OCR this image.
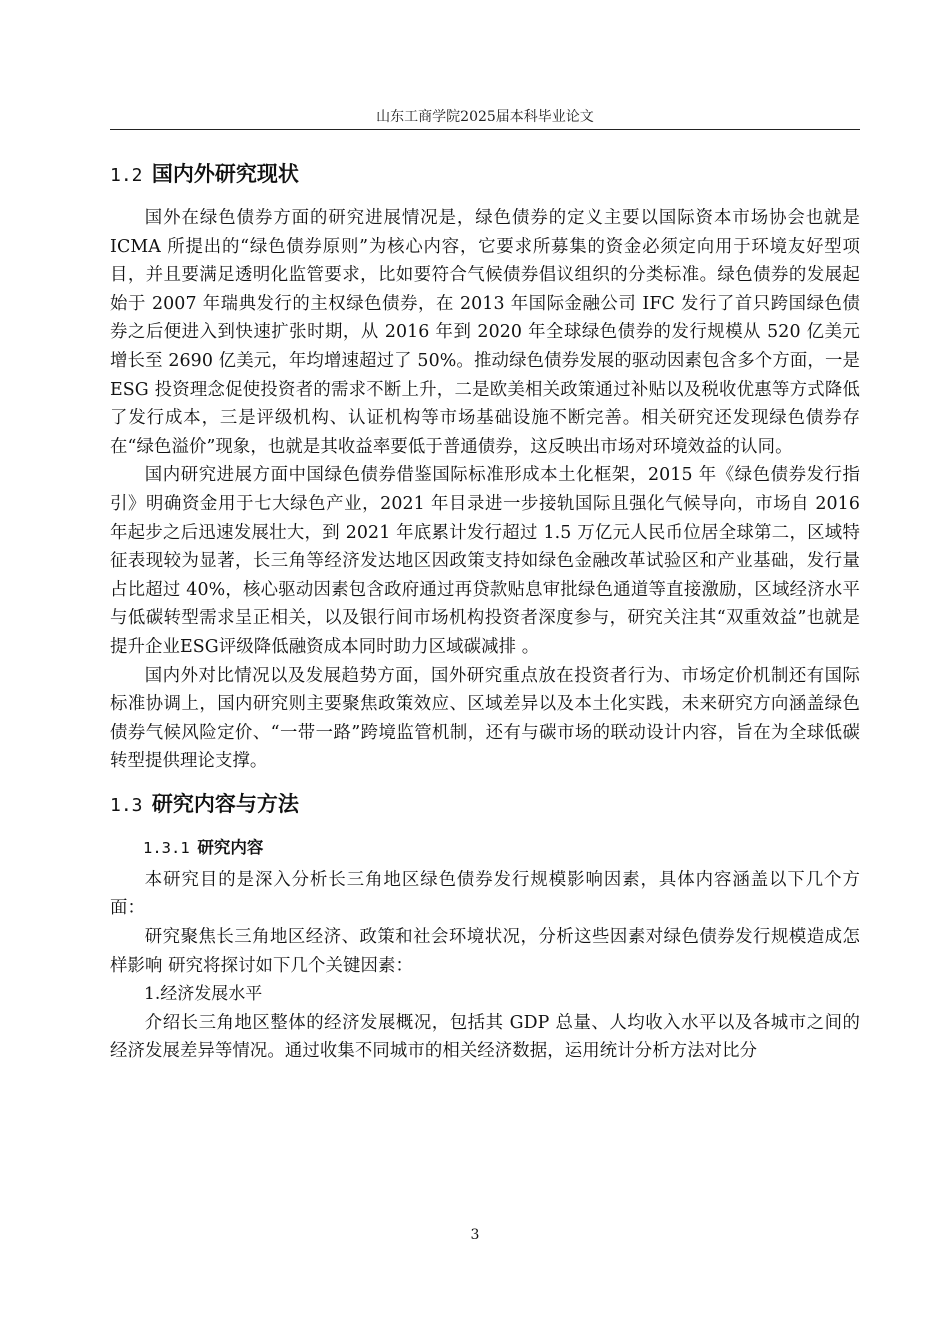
山东工商学院2025届本科毕业论文
1.2 国内外研究现状

国外在绿色债券方面的研究进展情况是，绿色债券的定义主要以国际资本市场协会也就是 ICMA 所提出的“绿色债券原则”为核心内容，它要求所募集的资金必须定向用于环境友好型项目，并且要满足透明化监管要求，比如要符合气候债券倡议组织的分类标准。绿色债券的发展起始于 2007 年瑞典发行的主权绿色债券，在 2013 年国际金融公司 IFC 发行了首只跨国绿色债券之后便进入到快速扩张时期，从 2016 年到 2020 年全球绿色债券的发行规模从 520 亿美元增长至 2690 亿美元，年均增速超过了 50%。推动绿色债券发展的驱动因素包含多个方面，一是 ESG 投资理念促使投资者的需求不断上升，二是欧美相关政策通过补贴以及税收优惠等方式降低了发行成本，三是评级机构、认证机构等市场基础设施不断完善。相关研究还发现绿色债券存在“绿色溢价”现象，也就是其收益率要低于普通债券，这反映出市场对环境效益的认同。

国内研究进展方面中国绿色债券借鉴国际标准形成本土化框架，2015 年《绿色债券发行指引》明确资金用于七大绿色产业，2021 年目录进一步接轨国际且强化气候导向，市场自 2016 年起步之后迅速发展壮大，到 2021 年底累计发行超过 1.5 万亿元人民币位居全球第二，区域特征表现较为显著，长三角等经济发达地区因政策支持如绿色金融改革试验区和产业基础，发行量占比超过 40%，核心驱动因素包含政府通过再贷款贴息审批绿色通道等直接激励，区域经济水平与低碳转型需求呈正相关，以及银行间市场机构投资者深度参与，研究关注其“双重效益”也就是提升企业ESG评级降低融资成本同时助力区域碳减排 。

国内外对比情况以及发展趋势方面，国外研究重点放在投资者行为、市场定价机制还有国际标准协调上，国内研究则主要聚焦政策效应、区域差异以及本土化实践，未来研究方向涵盖绿色债券气候风险定价、“一带一路”跨境监管机制，还有与碳市场的联动设计内容，旨在为全球低碳转型提供理论支撑。

1.3 研究内容与方法
1.3.1 研究内容

本研究目的是深入分析长三角地区绿色债券发行规模影响因素，具体内容涵盖以下几个方面：

研究聚焦长三角地区经济、政策和社会环境状况，分析这些因素对绿色债券发行规模造成怎样影响 研究将探讨如下几个关键因素：

1.经济发展水平

介绍长三角地区整体的经济发展概况，包括其 GDP 总量、人均收入水平以及各城市之间的经济发展差异等情况。通过收集不同城市的相关经济数据，运用统计分析方法对比分

3
